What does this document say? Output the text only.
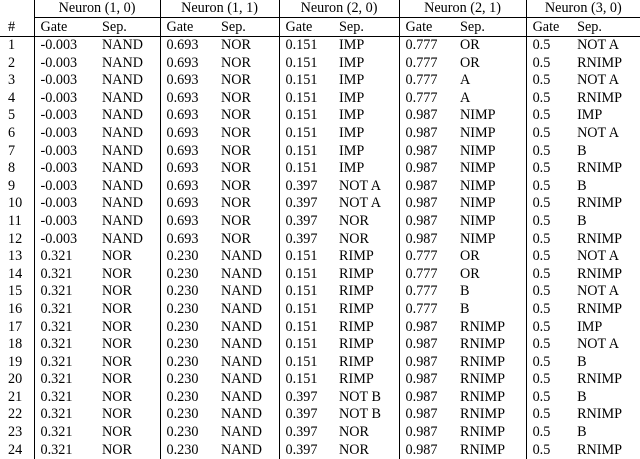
	Neuron (1, 0)		Neuron (1, 1)		Neuron (2, 0)		Neuron (2, 1)		Neuron (3, 0)	
#	Gate	Sep.	Gate	Sep.	Gate	Sep.	Gate	Sep.	Gate	Sep.
1	-0.003	NAND	0.693	NOR	0.151	IMP	0.777	OR	0.5	NOT A
2	-0.003	NAND	0.693	NOR	0.151	IMP	0.777	OR	0.5	RNIMP
3	-0.003	NAND	0.693	NOR	0.151	IMP	0.777	A	0.5	NOT A
4	-0.003	NAND	0.693	NOR	0.151	IMP	0.777	A	0.5	RNIMP
5	-0.003	NAND	0.693	NOR	0.151	IMP	0.987	NIMP	0.5	IMP
6	-0.003	NAND	0.693	NOR	0.151	IMP	0.987	NIMP	0.5	NOT A
7	-0.003	NAND	0.693	NOR	0.151	IMP	0.987	NIMP	0.5	B
8	-0.003	NAND	0.693	NOR	0.151	IMP	0.987	NIMP	0.5	RNIMP
9	-0.003	NAND	0.693	NOR	0.397	NOT A	0.987	NIMP	0.5	B
10	-0.003	NAND	0.693	NOR	0.397	NOT A	0.987	NIMP	0.5	RNIMP
11	-0.003	NAND	0.693	NOR	0.397	NOR	0.987	NIMP	0.5	B
12	-0.003	NAND	0.693	NOR	0.397	NOR	0.987	NIMP	0.5	RNIMP
13	0.321	NOR	0.230	NAND	0.151	RIMP	0.777	OR	0.5	NOT A
14	0.321	NOR	0.230	NAND	0.151	RIMP	0.777	OR	0.5	RNIMP
15	0.321	NOR	0.230	NAND	0.151	RIMP	0.777	B	0.5	NOT A
16	0.321	NOR	0.230	NAND	0.151	RIMP	0.777	B	0.5	RNIMP
17	0.321	NOR	0.230	NAND	0.151	RIMP	0.987	RNIMP	0.5	IMP
18	0.321	NOR	0.230	NAND	0.151	RIMP	0.987	RNIMP	0.5	NOT A
19	0.321	NOR	0.230	NAND	0.151	RIMP	0.987	RNIMP	0.5	B
20	0.321	NOR	0.230	NAND	0.151	RIMP	0.987	RNIMP	0.5	RNIMP
21	0.321	NOR	0.230	NAND	0.397	NOT B	0.987	RNIMP	0.5	B
22	0.321	NOR	0.230	NAND	0.397	NOT B	0.987	RNIMP	0.5	RNIMP
23	0.321	NOR	0.230	NAND	0.397	NOR	0.987	RNIMP	0.5	B
24	0.321	NOR	0.230	NAND	0.397	NOR	0.987	RNIMP	0.5	RNIMP
